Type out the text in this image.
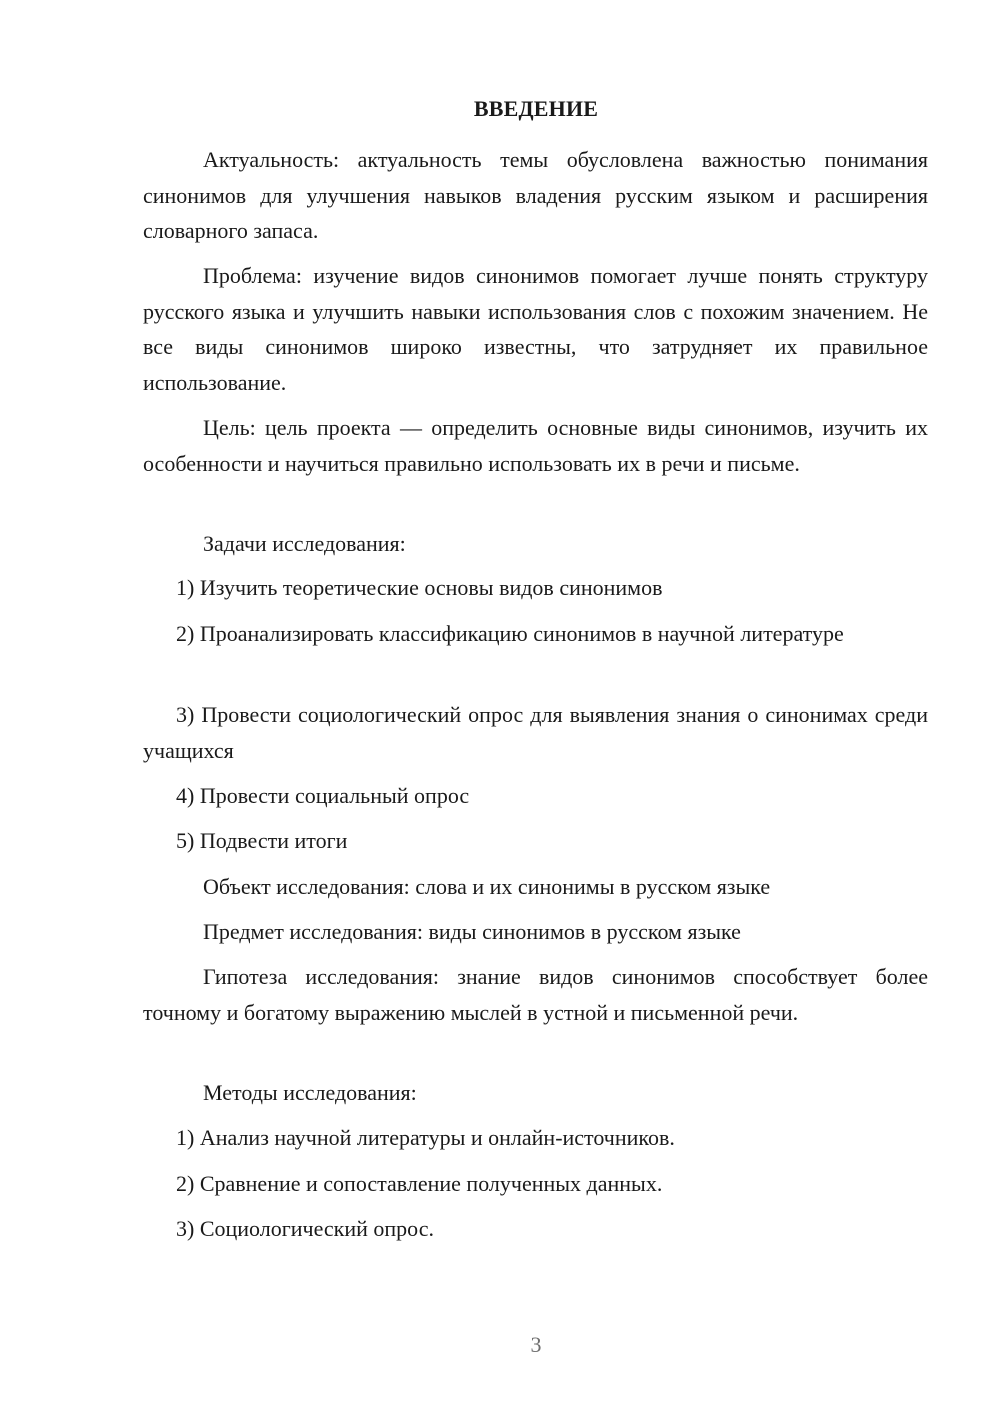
ВВЕДЕНИЕ

Актуальность: актуальность темы обусловлена важностью понимания синонимов для улучшения навыков владения русским языком и расширения словарного запаса.

Проблема: изучение видов синонимов помогает лучше понять структуру русского языка и улучшить навыки использования слов с похожим значением. Не все виды синонимов широко известны, что затрудняет их правильное использование.

Цель: цель проекта — определить основные виды синонимов, изучить их особенности и научиться правильно использовать их в речи и письме.

Задачи исследования:

1) Изучить теоретические основы видов синонимов

2) Проанализировать классификацию синонимов в научной литературе

3) Провести социологический опрос для выявления знания о синонимах среди учащихся

4) Провести социальный опрос

5) Подвести итоги

Объект исследования: слова и их синонимы в русском языке

Предмет исследования: виды синонимов в русском языке

Гипотеза исследования: знание видов синонимов способствует более точному и богатому выражению мыслей в устной и письменной речи.

Методы исследования:

1) Анализ научной литературы и онлайн-источников.

2) Сравнение и сопоставление полученных данных.

3) Социологический опрос.

3
